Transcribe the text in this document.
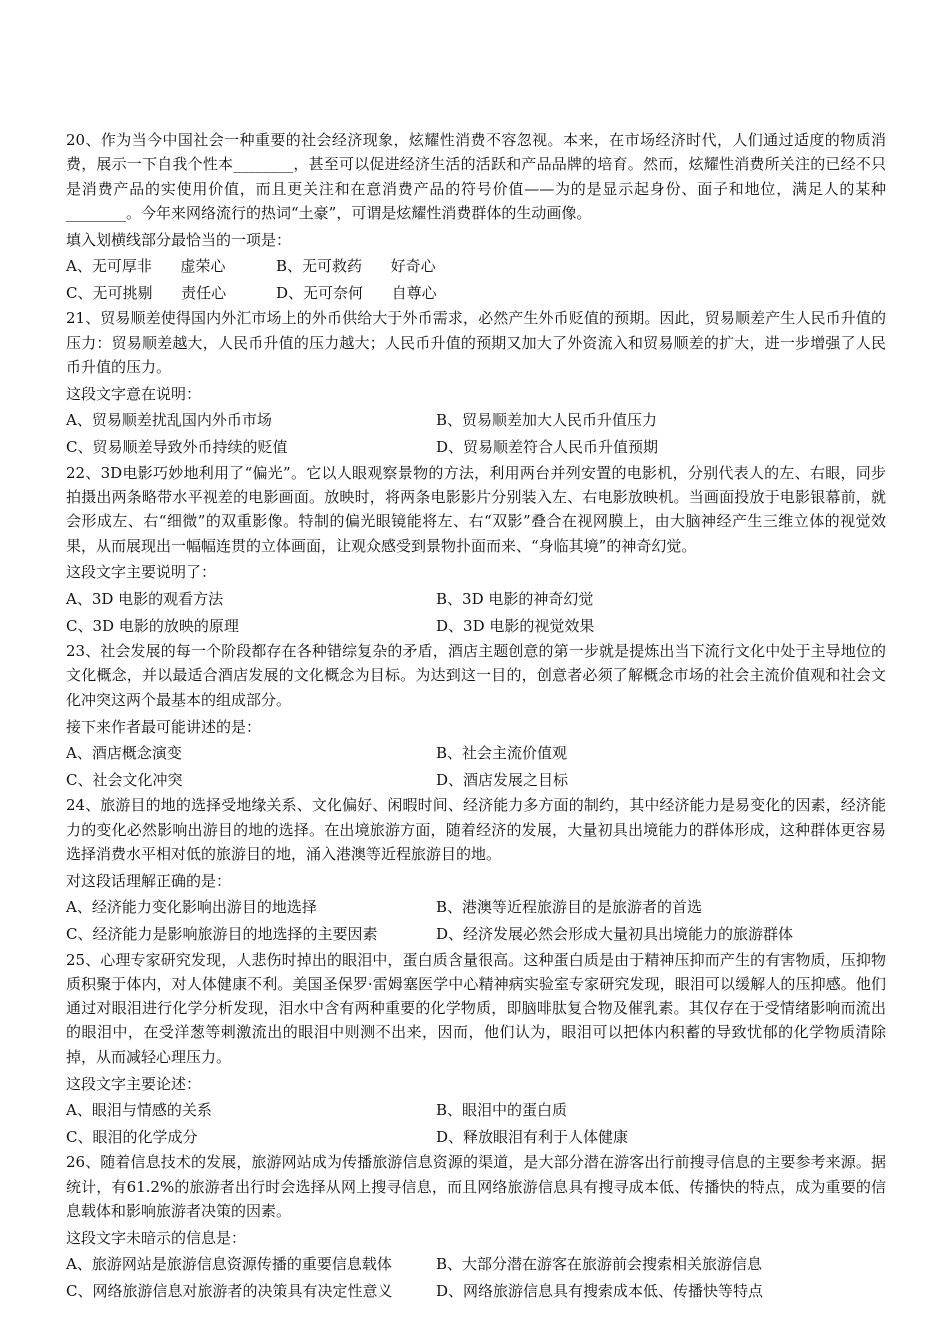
20、作为当今中国社会一种重要的社会经济现象，炫耀性消费不容忽视。本来，在市场经济时代，人们通过适度的物质消费，展示一下自我个性本________，甚至可以促进经济生活的活跃和产品品牌的培育。然而，炫耀性消费所关注的已经不只是消费产品的实使用价值，而且更关注和在意消费产品的符号价值——为的是显示起身份、面子和地位，满足人的某种________。今年来网络流行的热词“土豪”，可谓是炫耀性消费群体的生动画像。

填入划横线部分最恰当的一项是：

A、无可厚非      虚荣心	B、无可救药      好奇心
C、无可挑剔      责任心	D、无可奈何      自尊心

21、贸易顺差使得国内外汇市场上的外币供给大于外币需求，必然产生外币贬值的预期。因此，贸易顺差产生人民币升值的压力：贸易顺差越大，人民币升值的压力越大；人民币升值的预期又加大了外资流入和贸易顺差的扩大，进一步增强了人民币升值的压力。

这段文字意在说明：

A、贸易顺差扰乱国内外币市场	B、贸易顺差加大人民币升值压力
C、贸易顺差导致外币持续的贬值	D、贸易顺差符合人民币升值预期

22、3D电影巧妙地利用了“偏光”。它以人眼观察景物的方法，利用两台并列安置的电影机，分别代表人的左、右眼，同步拍摄出两条略带水平视差的电影画面。放映时，将两条电影影片分别装入左、右电影放映机。当画面投放于电影银幕前，就会形成左、右“细微”的双重影像。特制的偏光眼镜能将左、右“双影”叠合在视网膜上，由大脑神经产生三维立体的视觉效果，从而展现出一幅幅连贯的立体画面，让观众感受到景物扑面而来、“身临其境”的神奇幻觉。

这段文字主要说明了：

A、3D 电影的观看方法	B、3D 电影的神奇幻觉
C、3D 电影的放映的原理	D、3D 电影的视觉效果

23、社会发展的每一个阶段都存在各种错综复杂的矛盾，酒店主题创意的第一步就是提炼出当下流行文化中处于主导地位的文化概念，并以最适合酒店发展的文化概念为目标。为达到这一目的，创意者必须了解概念市场的社会主流价值观和社会文化冲突这两个最基本的组成部分。

接下来作者最可能讲述的是：

A、酒店概念演变	B、社会主流价值观
C、社会文化冲突	D、酒店发展之目标

24、旅游目的地的选择受地缘关系、文化偏好、闲暇时间、经济能力多方面的制约，其中经济能力是易变化的因素，经济能力的变化必然影响出游目的地的选择。在出境旅游方面，随着经济的发展，大量初具出境能力的群体形成，这种群体更容易选择消费水平相对低的旅游目的地，涌入港澳等近程旅游目的地。

对这段话理解正确的是：

A、经济能力变化影响出游目的地选择	B、港澳等近程旅游目的是旅游者的首选
C、经济能力是影响旅游目的地选择的主要因素	D、经济发展必然会形成大量初具出境能力的旅游群体

25、心理专家研究发现，人悲伤时掉出的眼泪中，蛋白质含量很高。这种蛋白质是由于精神压抑而产生的有害物质，压抑物质积聚于体内，对人体健康不利。美国圣保罗·雷姆塞医学中心精神病实验室专家研究发现，眼泪可以缓解人的压抑感。他们通过对眼泪进行化学分析发现，泪水中含有两种重要的化学物质，即脑啡肽复合物及催乳素。其仅存在于受情绪影响而流出的眼泪中，在受洋葱等刺激流出的眼泪中则测不出来，因而，他们认为，眼泪可以把体内积蓄的导致忧郁的化学物质清除掉，从而减轻心理压力。

这段文字主要论述：

A、眼泪与情感的关系	B、眼泪中的蛋白质
C、眼泪的化学成分	D、释放眼泪有利于人体健康

26、随着信息技术的发展，旅游网站成为传播旅游信息资源的渠道，是大部分潜在游客出行前搜寻信息的主要参考来源。据统计，有61.2%的旅游者出行时会选择从网上搜寻信息，而且网络旅游信息具有搜寻成本低、传播快的特点，成为重要的信息载体和影响旅游者决策的因素。

这段文字未暗示的信息是：

A、旅游网站是旅游信息资源传播的重要信息载体	B、大部分潜在游客在旅游前会搜索相关旅游信息
C、网络旅游信息对旅游者的决策具有决定性意义	D、网络旅游信息具有搜索成本低、传播快等特点
